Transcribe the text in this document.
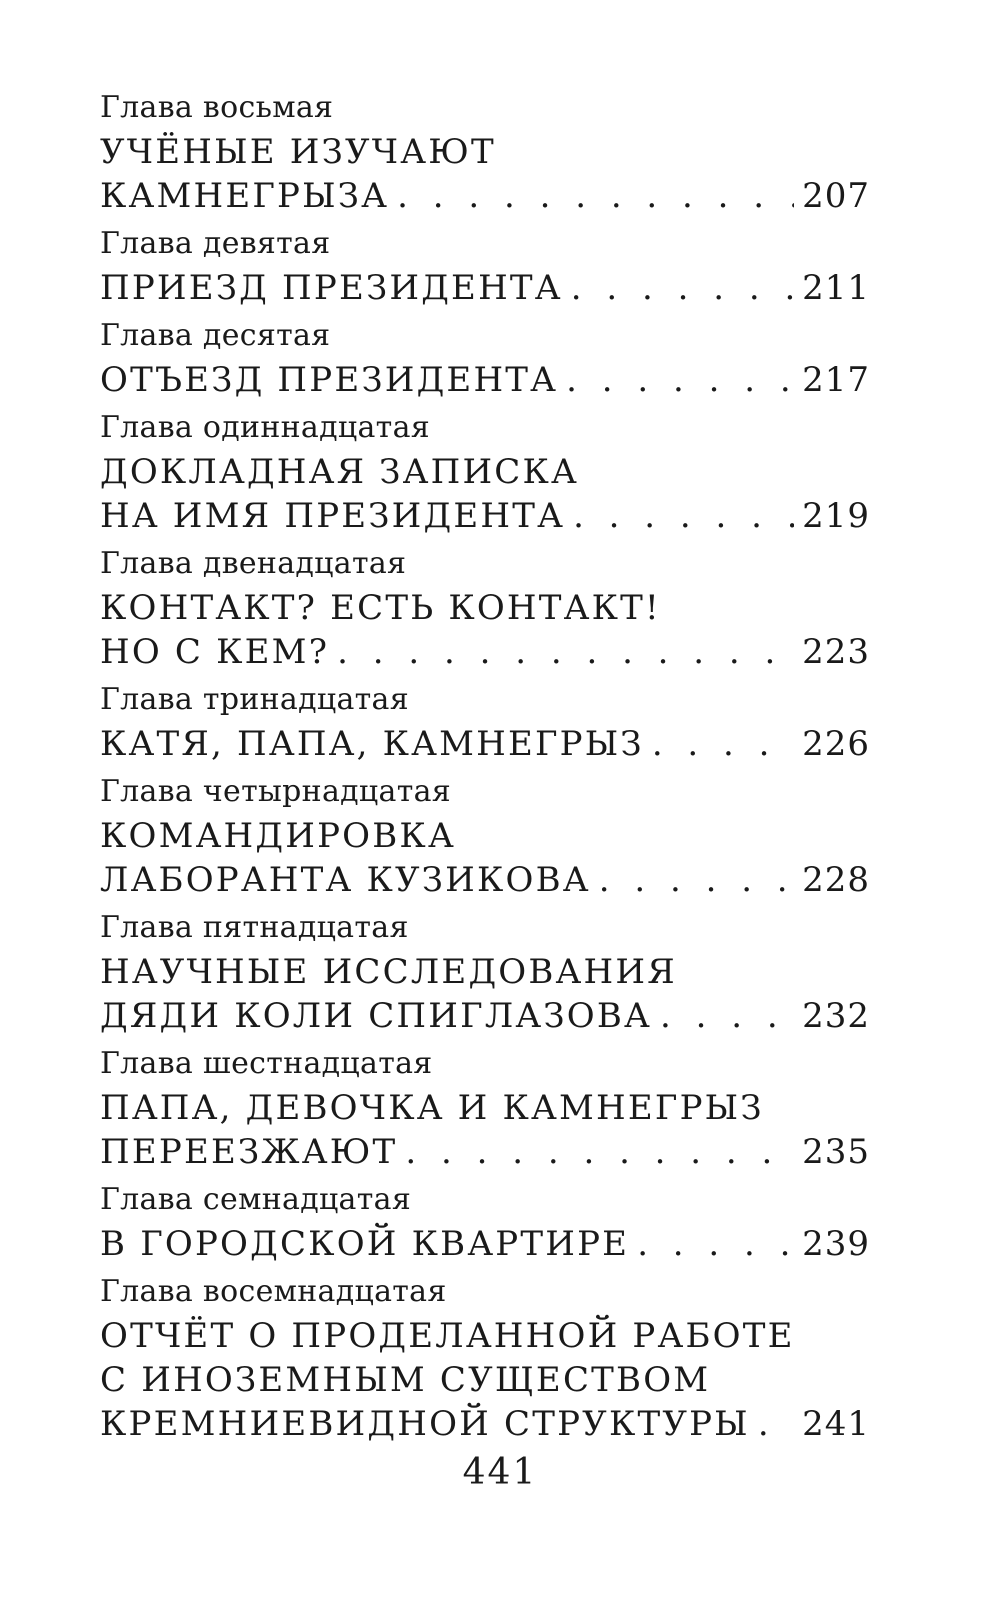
Глава восьмая
УЧЁНЫЕ ИЗУЧАЮТ
КАМНЕГРЫЗА . . .	207
Глава девятая
ПРИЕЗД ПРЕЗИДЕНТА . . .	211
Глава десятая
ОТЪЕЗД ПРЕЗИДЕНТА . . .	217
Глава одиннадцатая
ДОКЛАДНАЯ ЗАПИСКА
НА ИМЯ ПРЕЗИДЕНТА . . .	219
Глава двенадцатая
КОНТАКТ? ЕСТЬ КОНТАКТ!
НО С КЕМ? . . .	223
Глава тринадцатая
КАТЯ, ПАПА, КАМНЕГРЫЗ . . .	226
Глава четырнадцатая
КОМАНДИРОВКА
ЛАБОРАНТА КУЗИКОВА . . .	228
Глава пятнадцатая
НАУЧНЫЕ ИССЛЕДОВАНИЯ
ДЯДИ КОЛИ СПИГЛАЗОВА . . .	232
Глава шестнадцатая
ПАПА, ДЕВОЧКА И КАМНЕГРЫЗ
ПЕРЕЕЗЖАЮТ . . .	235
Глава семнадцатая
В ГОРОДСКОЙ КВАРТИРЕ . . .	239
Глава восемнадцатая
ОТЧЁТ О ПРОДЕЛАННОЙ РАБОТЕ
С ИНОЗЕМНЫМ СУЩЕСТВОМ
КРЕМНИЕВИДНОЙ СТРУКТУРЫ . . . 241
441
